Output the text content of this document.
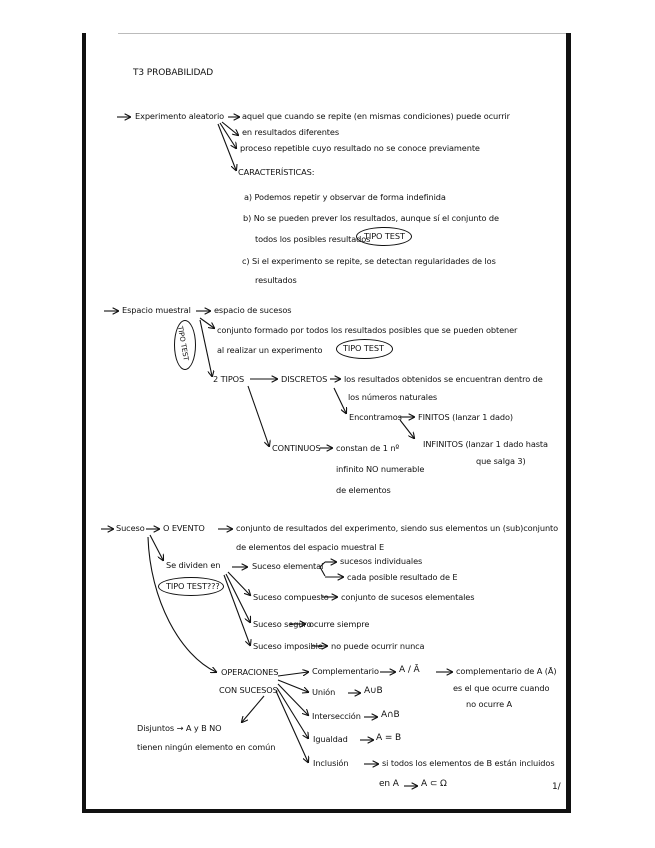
T3 PROBABILIDAD
Experimento aleatorio aquel que cuando se repite (en mismas condiciones) puede ocurrir
en resultados diferentes
proceso repetible cuyo resultado no se conoce previamente
CARACTERÍSTICAS:
a) Podemos repetir y observar de forma indefinida
b) No se pueden prever los resultados, aunque sí el conjunto de
todos los posibles resultados
TIPO TEST
c) Si el experimento se repite, se detectan regularidades de los
resultados
Espacio muestral	espacio de sucesos
conjunto formado por todos los resultados posibles que se pueden obtener
al realizar un experimento	TIPO TEST
TIPO TEST
2 TIPOS	DISCRETOS los resultados obtenidos se encuentran dentro de
los números naturales
Encontramos FINITOS (lanzar 1 dado)
INFINITOS (lanzar 1 dado hasta
que salga 3)
CONTINUOS constan de 1 nº
infinito NO numerable
de elementos
Suceso O EVENTO	conjunto de resultados del experimento, siendo sus elementos un (sub)conjunto
de elementos del espacio muestral E
Se dividen en
TIPO TEST???
Suceso elemental sucesos individuales
cada posible resultado de E
Suceso compuesto conjunto de sucesos elementales
Suceso seguro
ocurre siempre
Suceso imposible no puede ocurrir nunca
OPERACIONES
CON SUCESOS
Complementario A / Ā	complementario de A (Ā)
es el que ocurre cuando
no ocurre A
Unión	A∪B
Intersección A∩B
Igualdad	A = B
Inclusión	si todos los elementos de B están incluidos
en A A ⊂ Ω
Disjuntos → A y B NO
tienen ningún elemento en común
1/
